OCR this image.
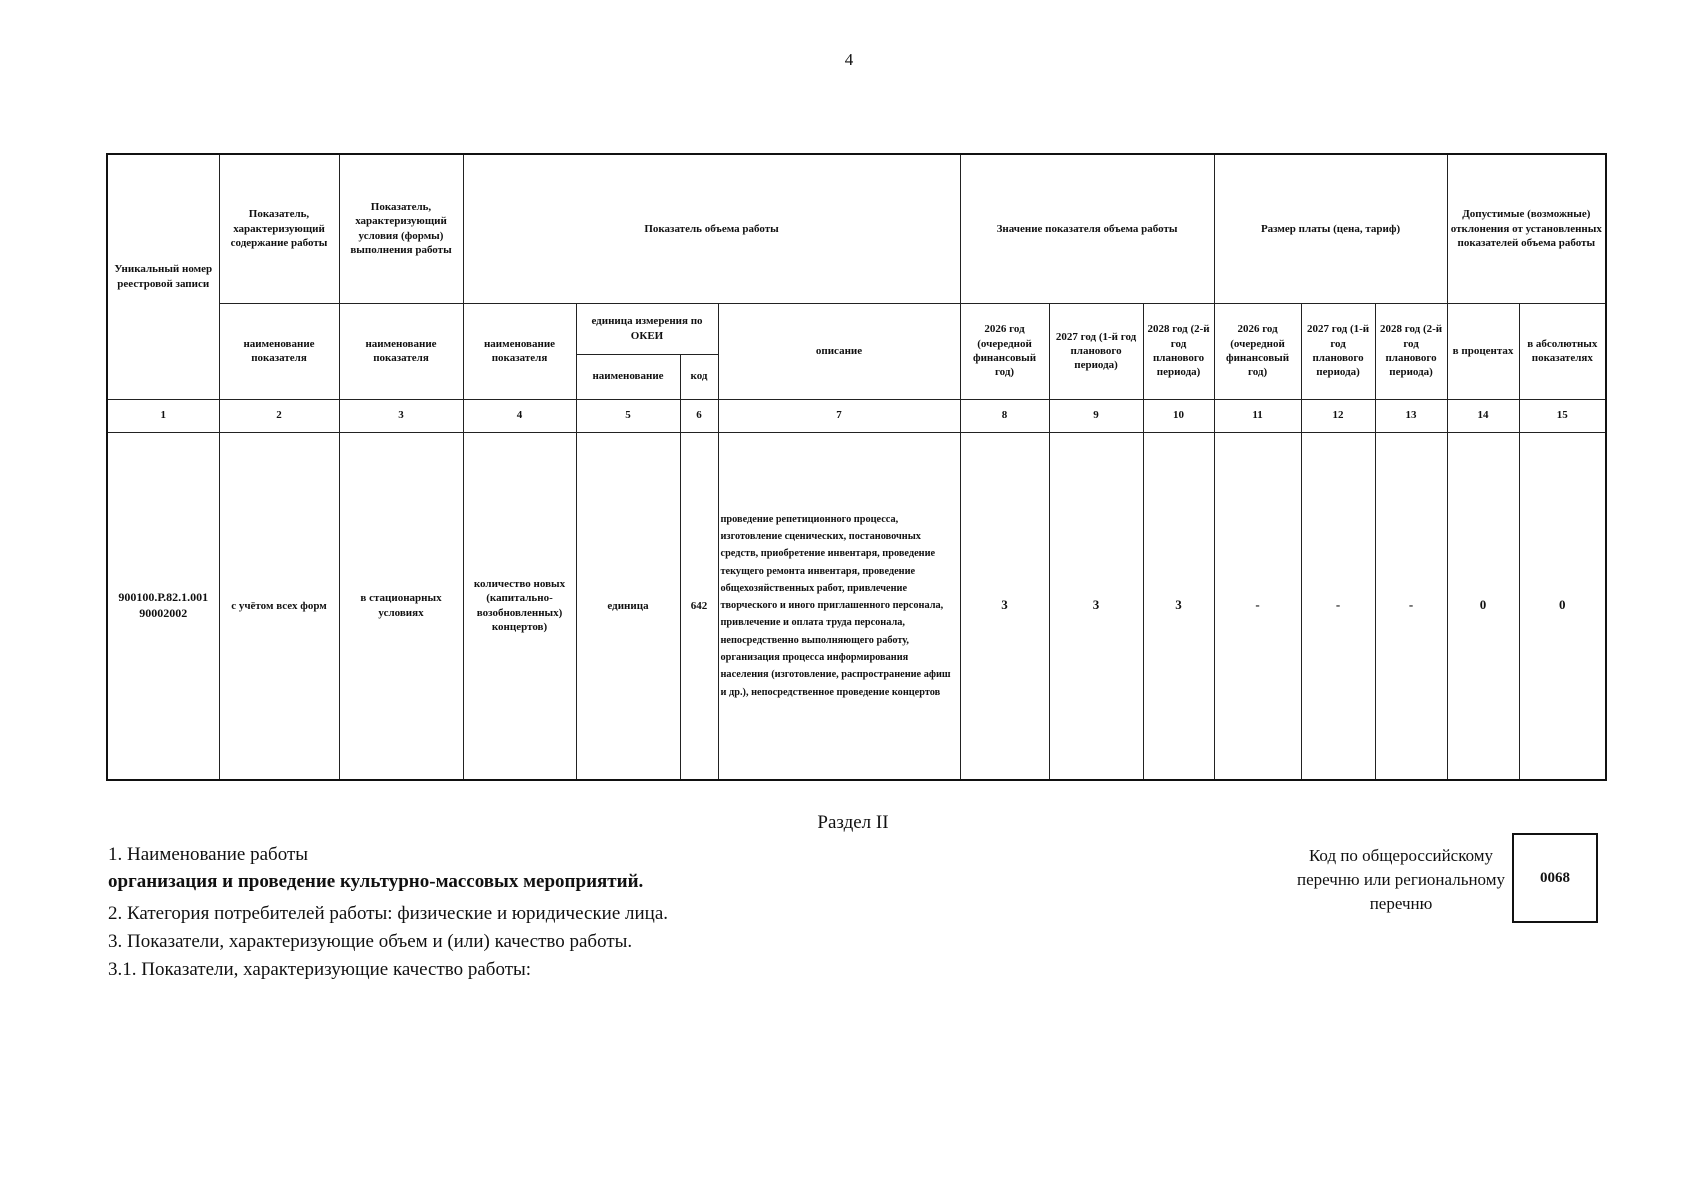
4
Уникальный номер реестровой записи	Показатель, характеризующий содержание работы	Показатель, характеризующий условия (формы) выполнения работы	Показатель объема работы				Значение показателя объема работы			Размер платы (цена, тариф)			Допустимые (возможные) отклонения от установленных показателей объема работы	
	наименование показателя	наименование показателя	наименование показателя	единица измерения по ОКЕИ		описание	2026 год (очередной финансовый год)	2027 год (1-й год планового периода)	2028 год (2-й год планового периода)	2026 год (очередной финансовый год)	2027 год (1-й год планового периода)	2028 год (2-й год планового периода)	в процентах	в абсолютных показателях
				наименование	код									
1	2	3	4	5	6	7	8	9	10	11	12	13	14	15
900100.Р.82.1.001 90002002	с учётом всех форм	в стационарных условиях	количество новых (капитально-возобновленных) концертов)	единица	642	проведение репетиционного процесса, изготовление сценических, постановочных средств, приобретение инвентаря, проведение текущего ремонта инвентаря, проведение общехозяйственных работ, привлечение творческого и иного приглашенного персонала, привлечение и оплата труда персонала, непосредственно выполняющего работу, организация процесса информирования населения (изготовление, распространение афиш и др.), непосредственное проведение концертов	3	3	3	-	-	-	0	0
Раздел II
1. Наименование работы
организация и проведение культурно-массовых мероприятий.
2. Категория потребителей работы: физические и юридические лица.
3. Показатели, характеризующие объем и (или) качество работы.
3.1. Показатели, характеризующие качество работы:
Код по общероссийскому перечню или региональному перечню
0068
